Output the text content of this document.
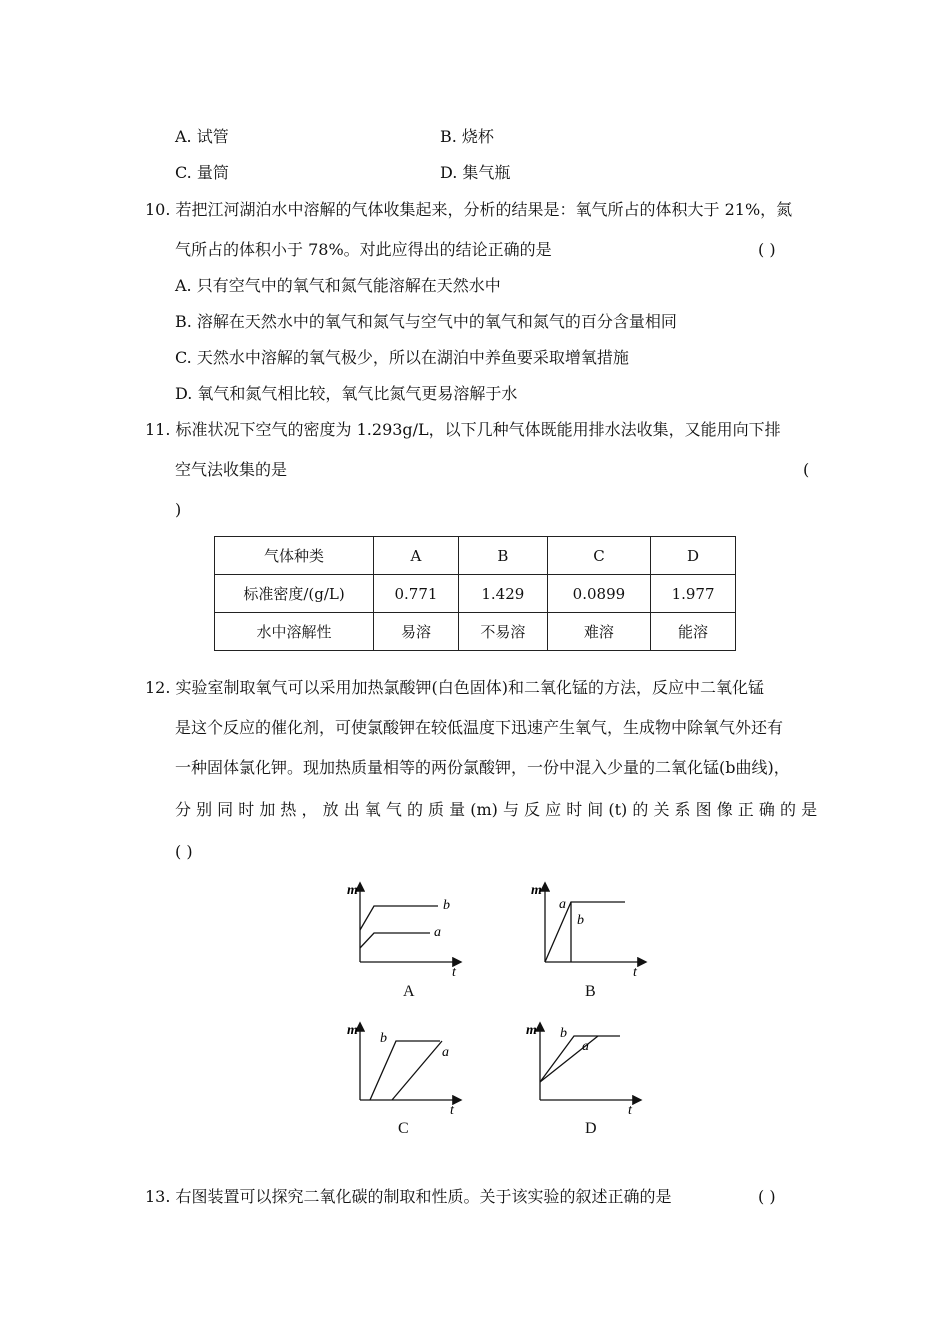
A. 试管	B. 烧杯
C. 量筒	D. 集气瓶
10. 若把江河湖泊水中溶解的气体收集起来，分析的结果是：氧气所占的体积大于 21%，氮
气所占的体积小于 78%。对此应得出的结论正确的是	( )
A. 只有空气中的氧气和氮气能溶解在天然水中
B. 溶解在天然水中的氧气和氮气与空气中的氧气和氮气的百分含量相同
C. 天然水中溶解的氧气极少，所以在湖泊中养鱼要采取增氧措施
D. 氧气和氮气相比较，氧气比氮气更易溶解于水
11. 标准状况下空气的密度为 1.293g/L，以下几种气体既能用排水法收集，又能用向下排
空气法收集的是	(
)
气体种类	A	B	C	D
标准密度/(g/L)	0.771	1.429	0.0899	1.977
水中溶解性	易溶	不易溶	难溶	能溶
12. 实验室制取氧气可以采用加热氯酸钾(白色固体)和二氧化锰的方法，反应中二氧化锰
是这个反应的催化剂，可使氯酸钾在较低温度下迅速产生氧气，生成物中除氧气外还有
一种固体氯化钾。现加热质量相等的两份氯酸钾，一份中混入少量的二氧化锰(b曲线)，
分 别 同 时 加 热 ， 放 出 氧 气 的 质 量 (m) 与 反 应 时 间 (t) 的 关 系 图 像 正 确 的 是
( )
m
t
b
a
A
m
t
a
b
B
m
t
b
a
C
m
t
b
a
D
13. 右图装置可以探究二氧化碳的制取和性质。关于该实验的叙述正确的是	( )
